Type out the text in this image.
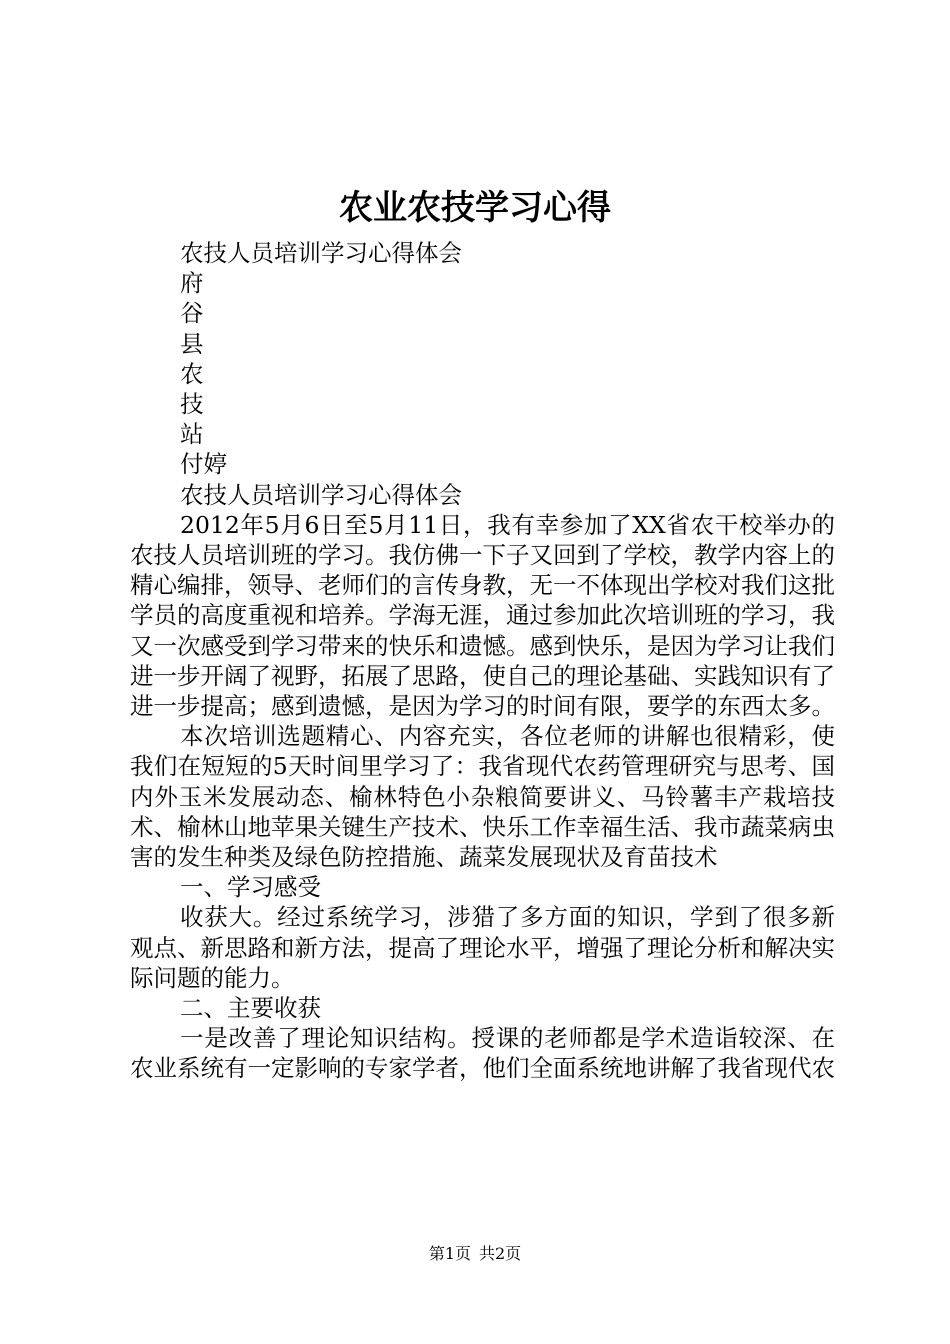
农业农技学习心得

农技人员培训学习心得体会

府

谷

县

农

技

站

付婷

农技人员培训学习心得体会

2012年5月6日至5月11日，我有幸参加了XX省农干校举办的农技人员培训班的学习。我仿佛一下子又回到了学校，教学内容上的精心编排，领导、老师们的言传身教，无一不体现出学校对我们这批学员的高度重视和培养。学海无涯，通过参加此次培训班的学习，我又一次感受到学习带来的快乐和遗憾。感到快乐，是因为学习让我们进一步开阔了视野，拓展了思路，使自己的理论基础、实践知识有了进一步提高；感到遗憾，是因为学习的时间有限，要学的东西太多。

本次培训选题精心、内容充实，各位老师的讲解也很精彩，使我们在短短的5天时间里学习了：我省现代农药管理研究与思考、国内外玉米发展动态、榆林特色小杂粮简要讲义、马铃薯丰产栽培技术、榆林山地苹果关键生产技术、快乐工作幸福生活、我市蔬菜病虫害的发生种类及绿色防控措施、蔬菜发展现状及育苗技术

一、学习感受

收获大。经过系统学习，涉猎了多方面的知识，学到了很多新观点、新思路和新方法，提高了理论水平，增强了理论分析和解决实际问题的能力。

二、主要收获

一是改善了理论知识结构。授课的老师都是学术造诣较深、在农业系统有一定影响的专家学者，他们全面系统地讲解了我省现代农

第1页 共2页
